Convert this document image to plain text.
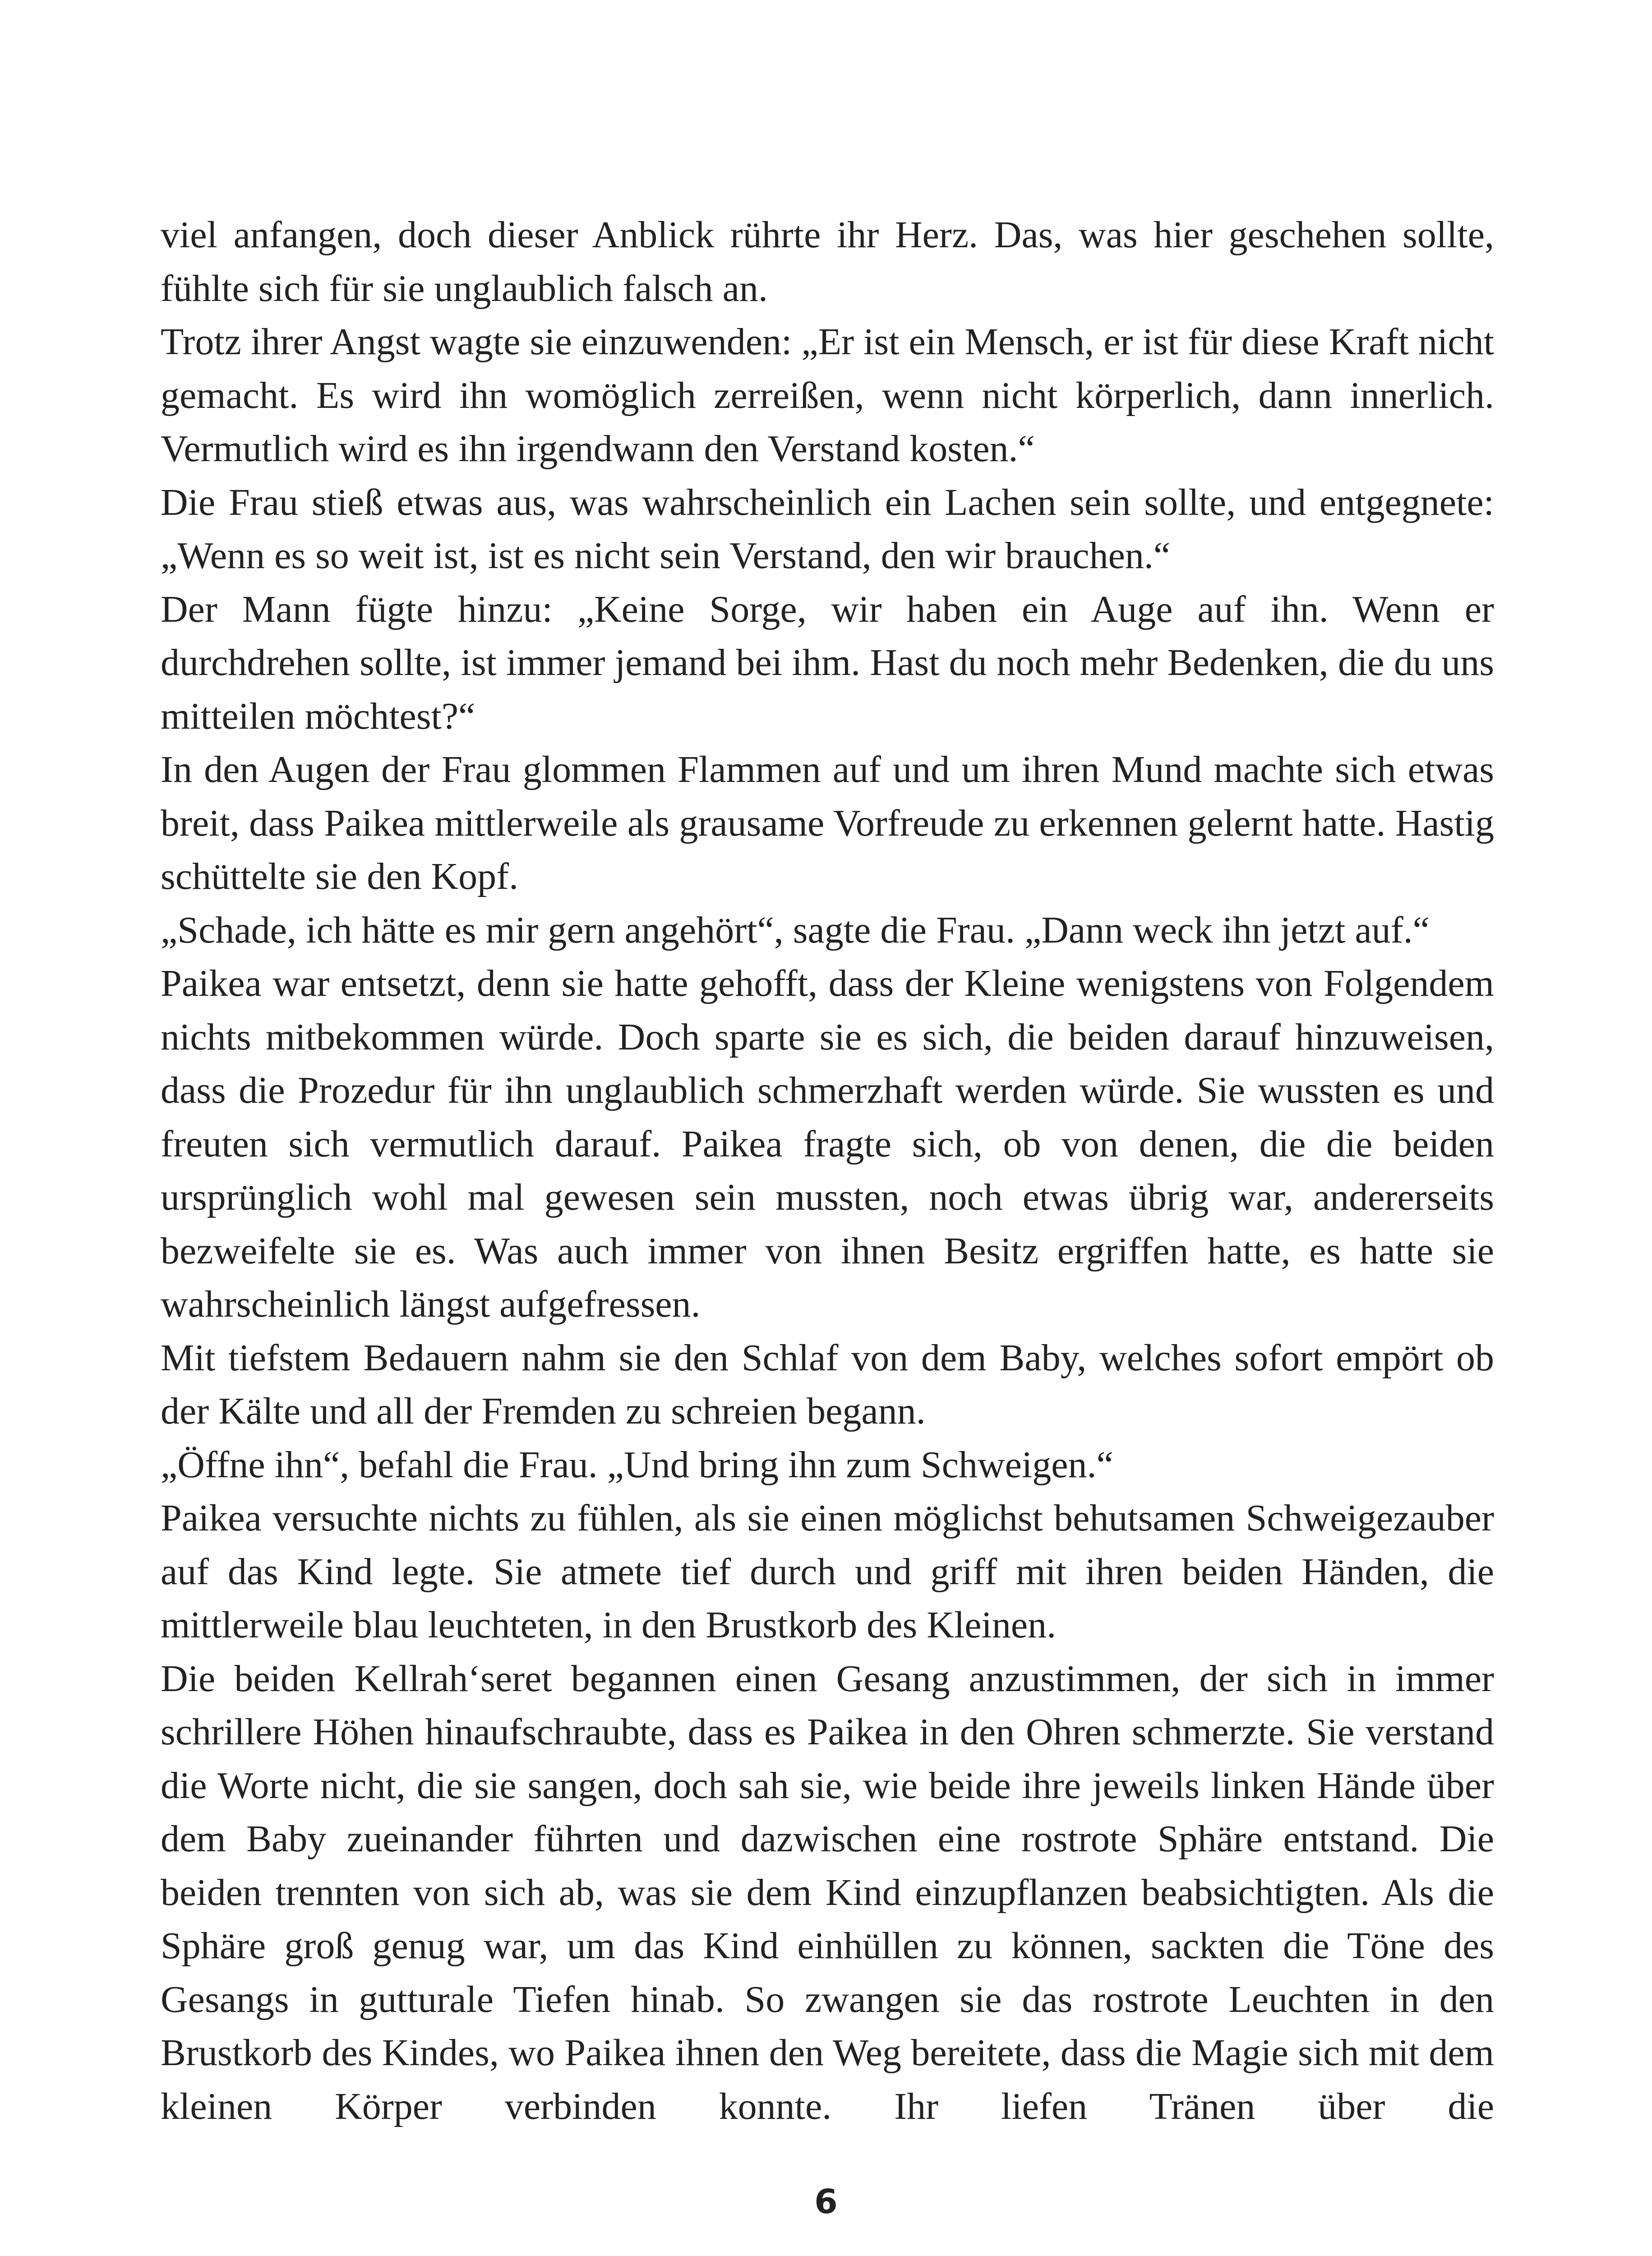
viel anfangen, doch dieser Anblick rührte ihr Herz. Das, was hier geschehen sollte, fühlte sich für sie unglaublich falsch an.

Trotz ihrer Angst wagte sie einzuwenden: „Er ist ein Mensch, er ist für diese Kraft nicht gemacht. Es wird ihn womöglich zerreißen, wenn nicht körperlich, dann innerlich. Vermutlich wird es ihn irgendwann den Verstand kosten.“

Die Frau stieß etwas aus, was wahrscheinlich ein Lachen sein sollte, und entgegnete: „Wenn es so weit ist, ist es nicht sein Verstand, den wir brauchen.“

Der Mann fügte hinzu: „Keine Sorge, wir haben ein Auge auf ihn. Wenn er durchdrehen sollte, ist immer jemand bei ihm. Hast du noch mehr Bedenken, die du uns mitteilen möchtest?“

In den Augen der Frau glommen Flammen auf und um ihren Mund machte sich etwas breit, dass Paikea mittlerweile als grausame Vorfreude zu erkennen gelernt hatte. Hastig schüttelte sie den Kopf.

„Schade, ich hätte es mir gern angehört“, sagte die Frau. „Dann weck ihn jetzt auf.“

Paikea war entsetzt, denn sie hatte gehofft, dass der Kleine wenigstens von Folgendem nichts mitbekommen würde. Doch sparte sie es sich, die beiden darauf hinzuweisen, dass die Prozedur für ihn unglaublich schmerzhaft werden würde. Sie wussten es und freuten sich vermutlich darauf. Paikea fragte sich, ob von denen, die die beiden ursprünglich wohl mal gewesen sein mussten, noch etwas übrig war, andererseits bezweifelte sie es. Was auch immer von ihnen Besitz ergriffen hatte, es hatte sie wahrscheinlich längst aufgefressen.

Mit tiefstem Bedauern nahm sie den Schlaf von dem Baby, welches sofort empört ob der Kälte und all der Fremden zu schreien begann.

„Öffne ihn“, befahl die Frau. „Und bring ihn zum Schweigen.“

Paikea versuchte nichts zu fühlen, als sie einen möglichst behutsamen Schweigezauber auf das Kind legte. Sie atmete tief durch und griff mit ihren beiden Händen, die mittlerweile blau leuchteten, in den Brustkorb des Kleinen.

Die beiden Kellrah‘seret begannen einen Gesang anzustimmen, der sich in immer schrillere Höhen hinaufschraubte, dass es Paikea in den Ohren schmerzte. Sie verstand die Worte nicht, die sie sangen, doch sah sie, wie beide ihre jeweils linken Hände über dem Baby zueinander führten und dazwischen eine rostrote Sphäre entstand. Die beiden trennten von sich ab, was sie dem Kind einzupflanzen beabsichtigten. Als die Sphäre groß genug war, um das Kind einhüllen zu können, sackten die Töne des Gesangs in gutturale Tiefen hinab. So zwangen sie das rostrote Leuchten in den Brustkorb des Kindes, wo Paikea ihnen den Weg bereitete, dass die Magie sich mit dem kleinen Körper verbinden konnte. Ihr liefen Tränen über die

6
